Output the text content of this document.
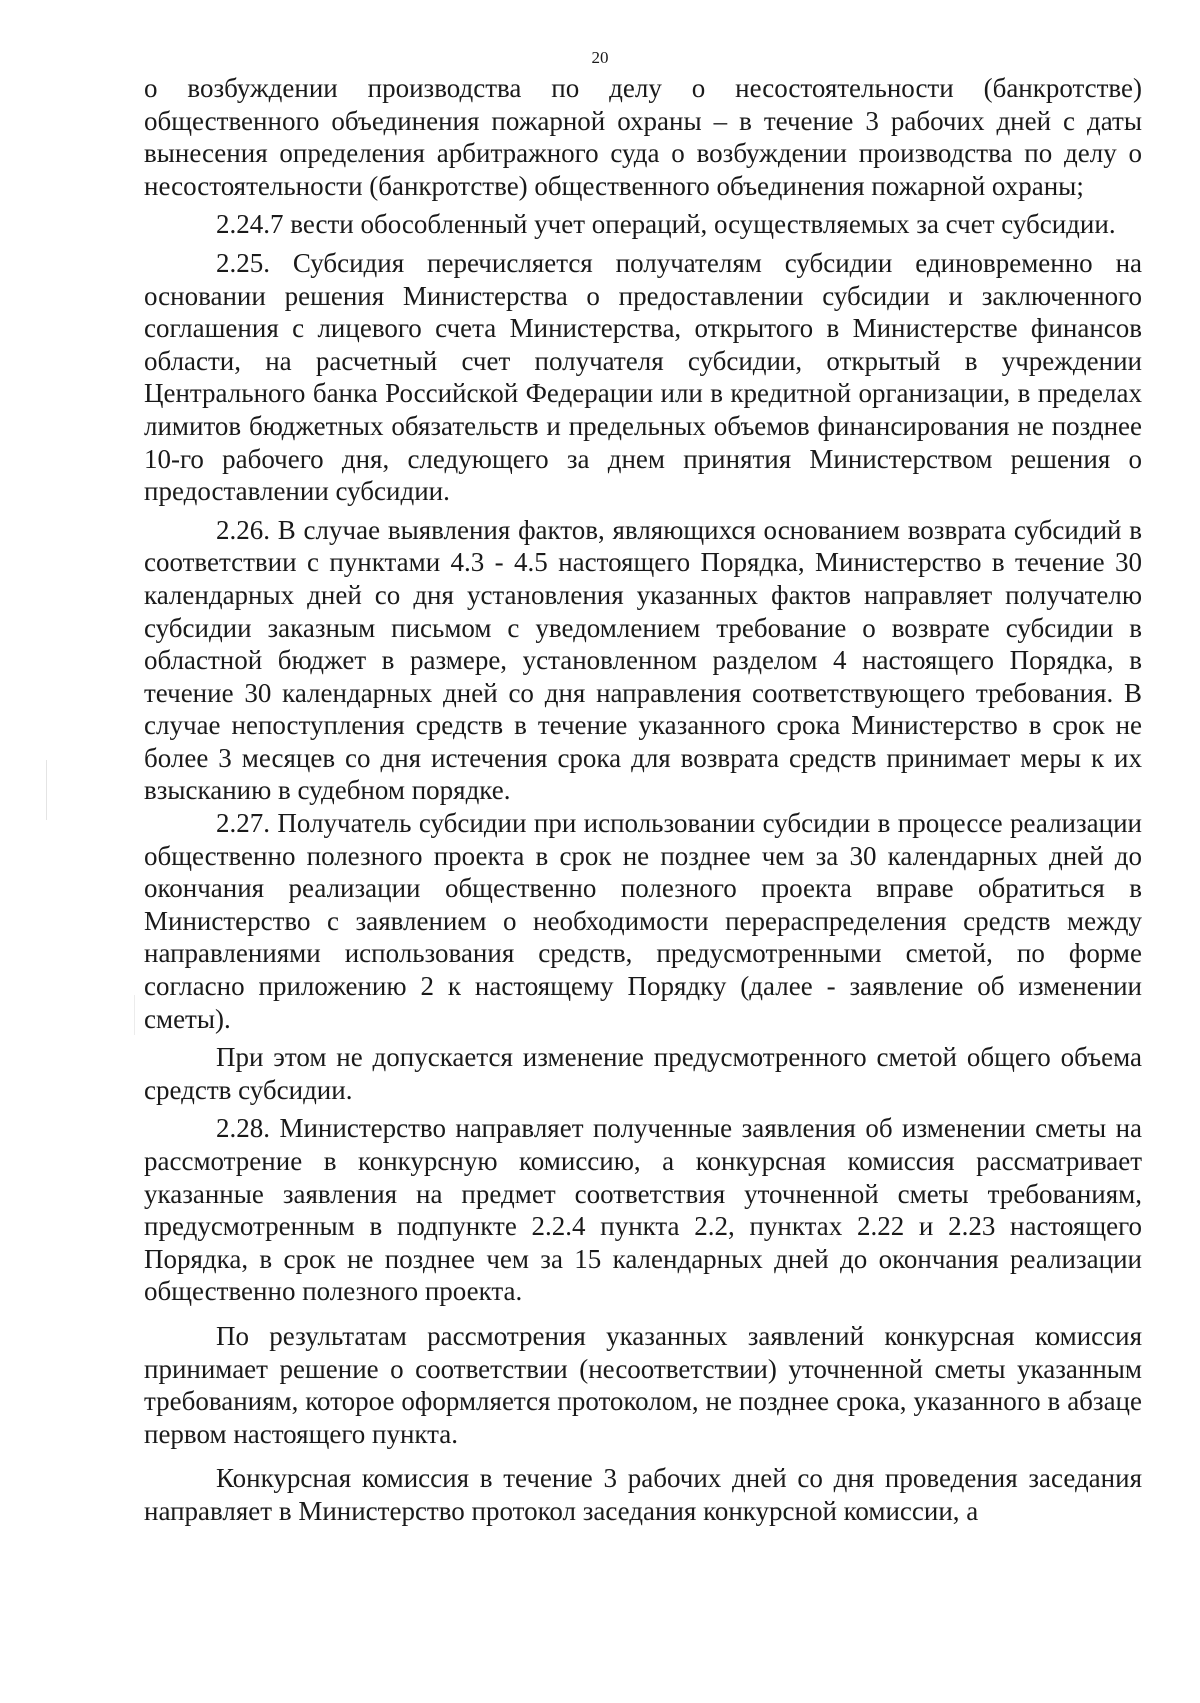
20

о возбуждении производства по делу о несостоятельности (банкротстве) общественного объединения пожарной охраны – в течение 3 рабочих дней с даты вынесения определения арбитражного суда о возбуждении производства по делу о несостоятельности (банкротстве) общественного объединения пожарной охраны;

2.24.7 вести обособленный учет операций, осуществляемых за счет субсидии.

2.25. Субсидия перечисляется получателям субсидии единовременно на основании решения Министерства о предоставлении субсидии и заключенного соглашения с лицевого счета Министерства, открытого в Министерстве финансов области, на расчетный счет получателя субсидии, открытый в учреждении Центрального банка Российской Федерации или в кредитной организации, в пределах лимитов бюджетных обязательств и предельных объемов финансирования не позднее 10-го рабочего дня, следующего за днем принятия Министерством решения о предоставлении субсидии.

2.26. В случае выявления фактов, являющихся основанием возврата субсидий в соответствии с пунктами 4.3 - 4.5 настоящего Порядка, Министерство в течение 30 календарных дней со дня установления указанных фактов направляет получателю субсидии заказным письмом с уведомлением требование о возврате субсидии в областной бюджет в размере, установленном разделом 4 настоящего Порядка, в течение 30 календарных дней со дня направления соответствующего требования. В случае непоступления средств в течение указанного срока Министерство в срок не более 3 месяцев со дня истечения срока для возврата средств принимает меры к их взысканию в судебном порядке.

2.27. Получатель субсидии при использовании субсидии в процессе реализации общественно полезного проекта в срок не позднее чем за 30 календарных дней до окончания реализации общественно полезного проекта вправе обратиться в Министерство с заявлением о необходимости перераспределения средств между направлениями использования средств, предусмотренными сметой, по форме согласно приложению 2 к настоящему Порядку (далее - заявление об изменении сметы).

При этом не допускается изменение предусмотренного сметой общего объема средств субсидии.

2.28. Министерство направляет полученные заявления об изменении сметы на рассмотрение в конкурсную комиссию, а конкурсная комиссия рассматривает указанные заявления на предмет соответствия уточненной сметы требованиям, предусмотренным в подпункте 2.2.4 пункта 2.2, пунктах 2.22 и 2.23 настоящего Порядка, в срок не позднее чем за 15 календарных дней до окончания реализации общественно полезного проекта.

По результатам рассмотрения указанных заявлений конкурсная комиссия принимает решение о соответствии (несоответствии) уточненной сметы указанным требованиям, которое оформляется протоколом, не позднее срока, указанного в абзаце первом настоящего пункта.

Конкурсная комиссия в течение 3 рабочих дней со дня проведения заседания направляет в Министерство протокол заседания конкурсной комиссии, а
